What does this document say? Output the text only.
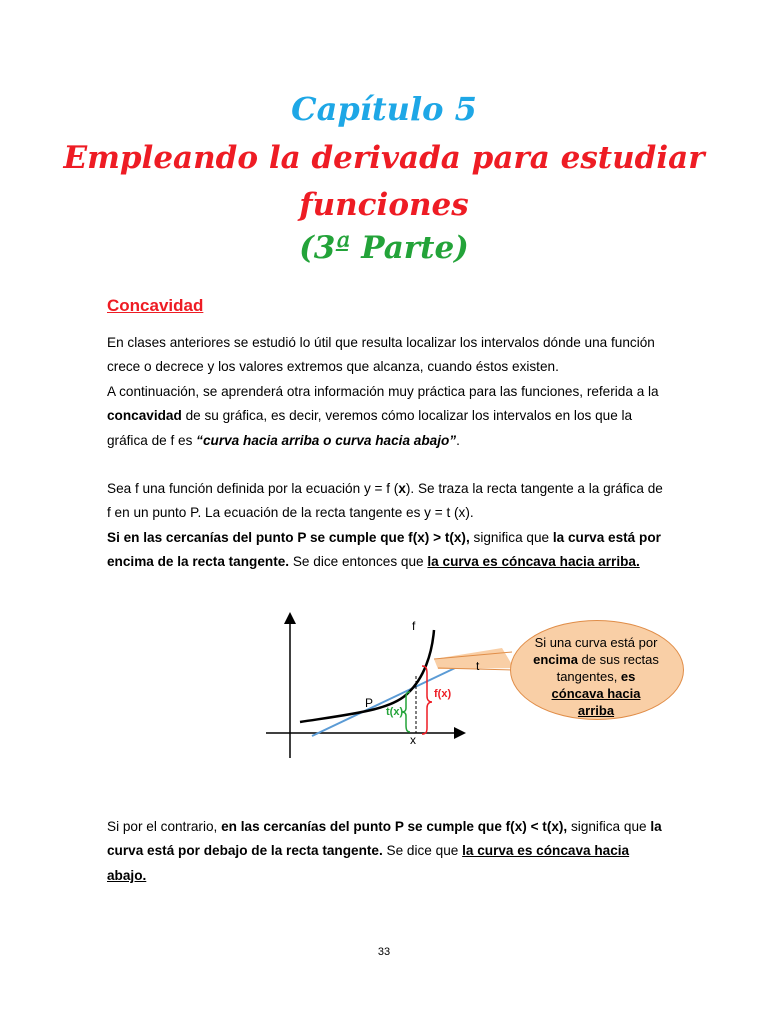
Capítulo 5
Empleando la derivada para estudiar
funciones
(3ª Parte)
Concavidad

En clases anteriores se estudió lo útil que resulta localizar los intervalos dónde una función crece o decrece y los valores extremos que alcanza, cuando éstos existen.
A continuación, se aprenderá otra información muy práctica para las funciones, referida a la concavidad de su gráfica, es decir, veremos cómo localizar los intervalos en los que la gráfica de f es “curva hacia arriba o curva hacia abajo”.

Sea f una función definida por la ecuación y = f (x). Se traza la recta tangente a la gráfica de f en un punto P. La ecuación de la recta tangente es y = t (x).
Si en las cercanías del punto P se cumple que f(x) > t(x), significa que la curva está por encima de la recta tangente. Se dice entonces que la curva es cóncava hacia arriba.

f

t

P

t(x)

f(x)

x

Si una curva está por
encima de sus rectas tangentes, es cóncava hacia arriba

Si por el contrario, en las cercanías del punto P se cumple que f(x) < t(x), significa que la curva está por debajo de la recta tangente. Se dice que la curva es cóncava hacia abajo.

33
